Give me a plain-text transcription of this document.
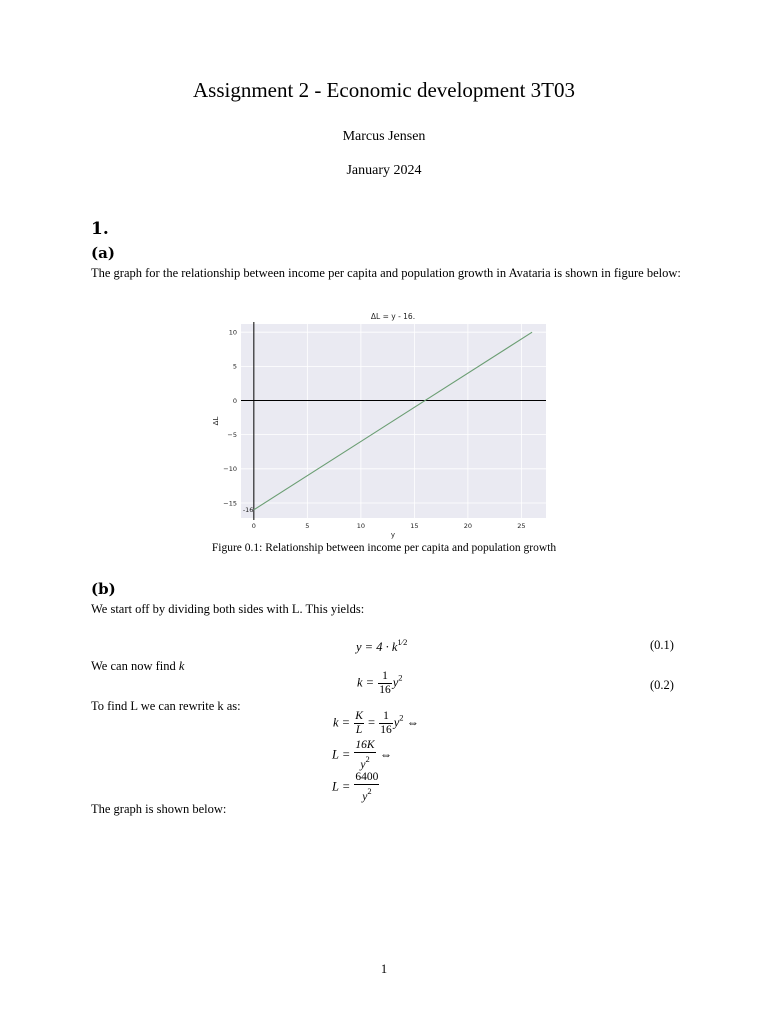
Assignment 2 - Economic development 3T03
Marcus Jensen
January 2024
1.
(a)
The graph for the relationship between income per capita and population growth in Avataria is shown in figure below:
0	5	10	15	20	25
10
5
0
−5
−10
−15
ΔL = y - 16.
y
ΔL
-16
Figure 0.1: Relationship between income per capita and population growth
(b)
We start off by dividing both sides with L. This yields:
$y = 4 \cdot k^{1⁄2}$	(0.1)
We can now find k
$k = \frac{1}{16} y^2$
(0.2)
To find L we can rewrite k as:
$k = \frac{K}{L} = \frac{1}{16} y^2$ ⇔
$L = \frac{16K}{y^2}$ ⇔
$L = \frac{6400}{y^2}$
The graph is shown below:
1
